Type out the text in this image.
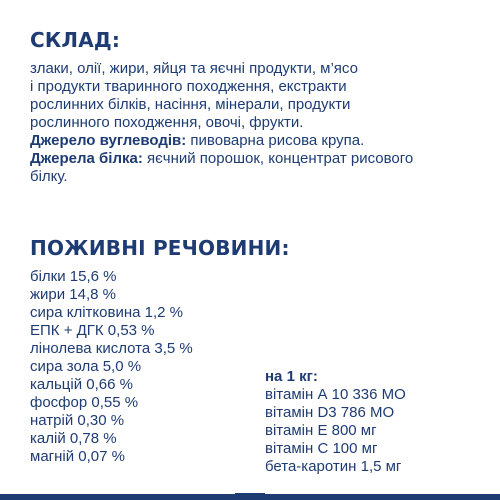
СКЛАД:

злаки, олії, жири, яйця та яєчні продукти, м’ясо

і продукти тваринного походження, екстракти

рослинних білків, насіння, мінерали, продукти

рослинного походження, овочі, фрукти.

Джерело вуглеводів: пивоварна рисова крупа.

Джерела білка: яєчний порошок, концентрат рисового

білку.

ПОЖИВНІ РЕЧОВИНИ:
білки 15,6 %
жири 14,8 %
сира клітковина 1,2 %
ЕПК + ДГК 0,53 %
лінолева кислота 3,5 %
сира зола 5,0 %
кальцій 0,66 %
фосфор 0,55 %
натрій 0,30 %
калій 0,78 %
магній 0,07 %
на 1 кг:
вітамін А 10 336 МО
вітамін D3 786 МО
вітамін Е 800 мг
вітамін С 100 мг
бета-каротин 1,5 мг
